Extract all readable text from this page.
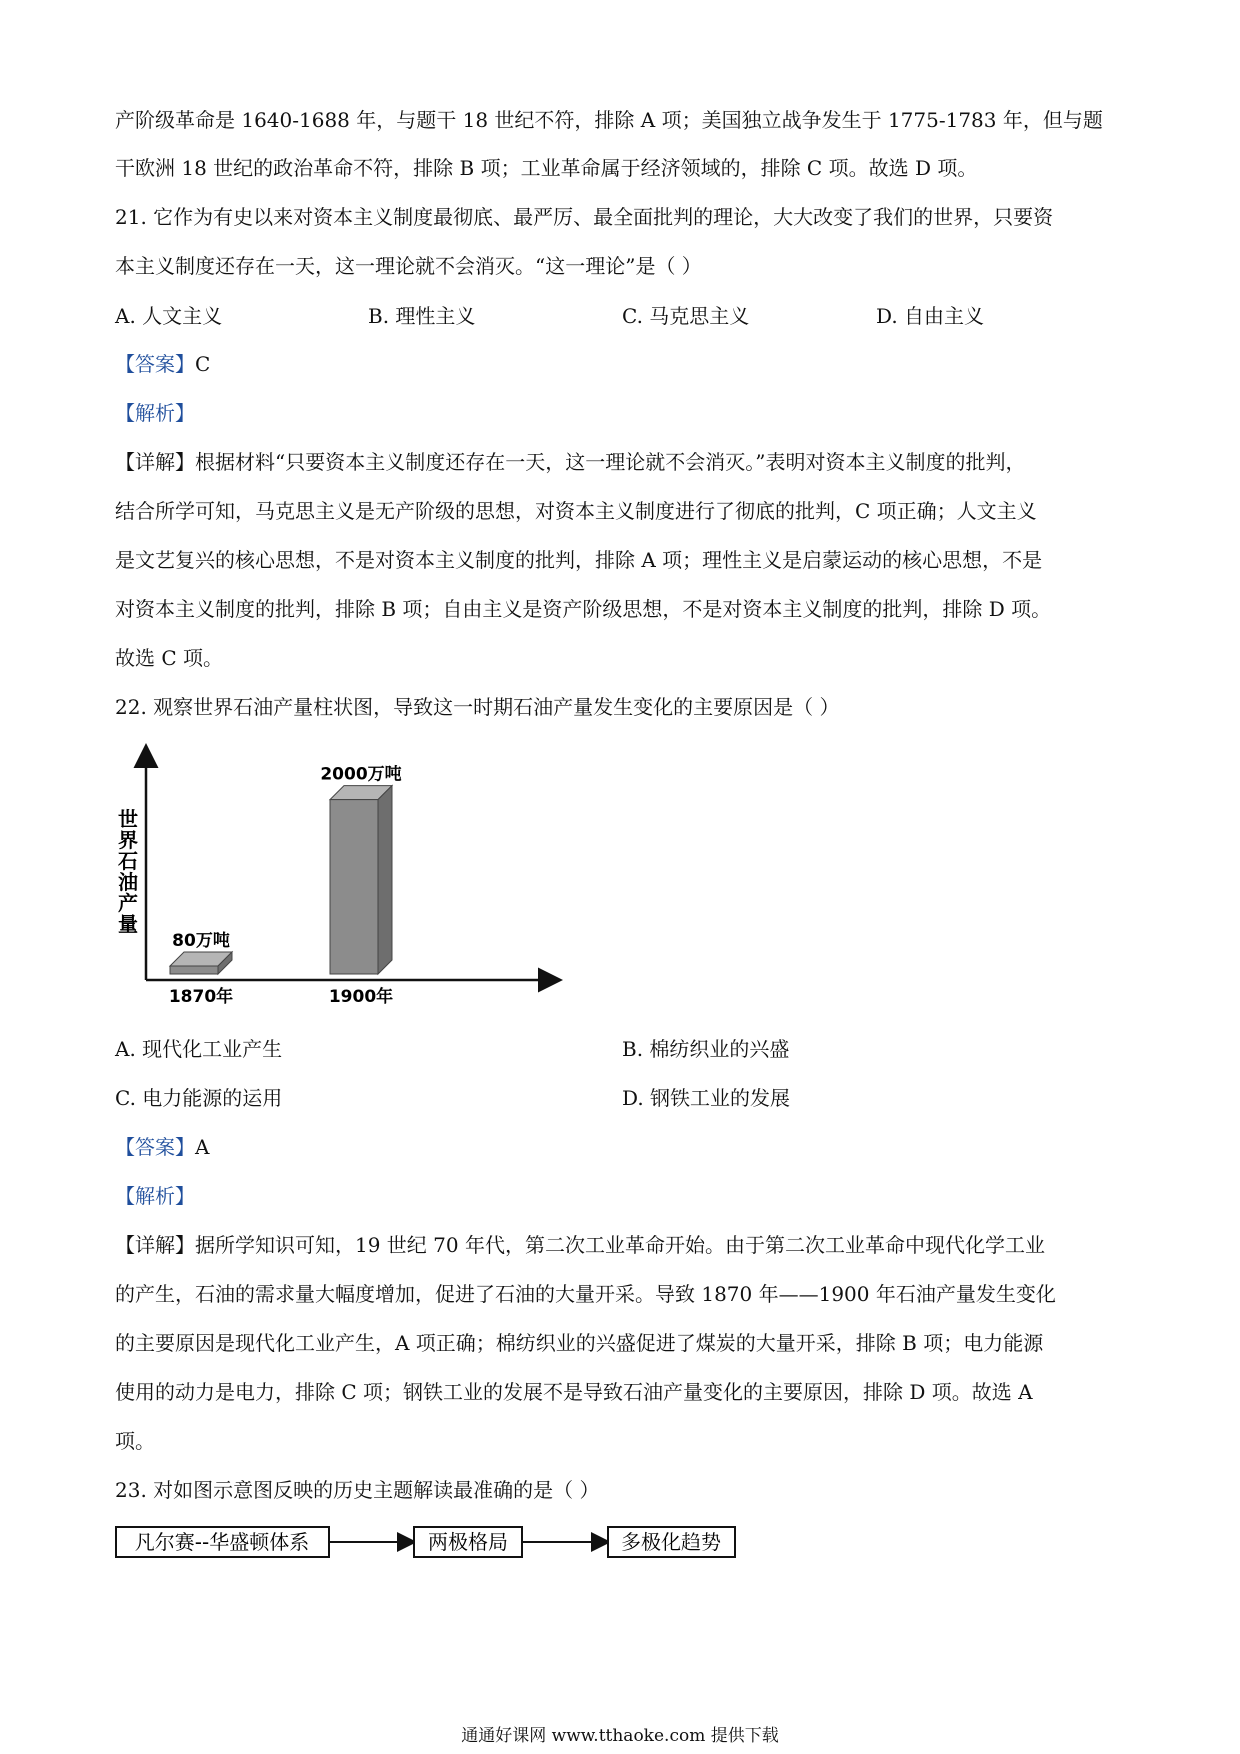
产阶级革命是 1640-1688 年，与题干 18 世纪不符，排除 A 项；美国独立战争发生于 1775-1783 年，但与题
干欧洲 18 世纪的政治革命不符，排除 B 项；工业革命属于经济领域的，排除 C 项。故选 D 项。
21. 它作为有史以来对资本主义制度最彻底、最严厉、最全面批判的理论，大大改变了我们的世界，只要资
本主义制度还存在一天，这一理论就不会消灭。“这一理论”是（ ）
A. 人文主义	B. 理性主义	C. 马克思主义	D. 自由主义
【答案】C
【解析】
【详解】根据材料“只要资本主义制度还存在一天，这一理论就不会消灭。”表明对资本主义制度的批判，
结合所学可知，马克思主义是无产阶级的思想，对资本主义制度进行了彻底的批判，C 项正确；人文主义
是文艺复兴的核心思想，不是对资本主义制度的批判，排除 A 项；理性主义是启蒙运动的核心思想，不是
对资本主义制度的批判，排除 B 项；自由主义是资产阶级思想，不是对资本主义制度的批判，排除 D 项。
故选 C 项。
22. 观察世界石油产量柱状图，导致这一时期石油产量发生变化的主要原因是（ ）
世界石油产量
80万吨
1870年
2000万吨
1900年
A. 现代化工业产生	B. 棉纺织业的兴盛
C. 电力能源的运用	D. 钢铁工业的发展
【答案】A
【解析】
【详解】据所学知识可知，19 世纪 70 年代，第二次工业革命开始。由于第二次工业革命中现代化学工业
的产生，石油的需求量大幅度增加，促进了石油的大量开采。导致 1870 年——1900 年石油产量发生变化
的主要原因是现代化工业产生，A 项正确；棉纺织业的兴盛促进了煤炭的大量开采，排除 B 项；电力能源
使用的动力是电力，排除 C 项；钢铁工业的发展不是导致石油产量变化的主要原因，排除 D 项。故选 A
项。
23. 对如图示意图反映的历史主题解读最准确的是（ ）
凡尔赛--华盛顿体系	两极格局	多极化趋势
通通好课网 www.tthaoke.com 提供下载
